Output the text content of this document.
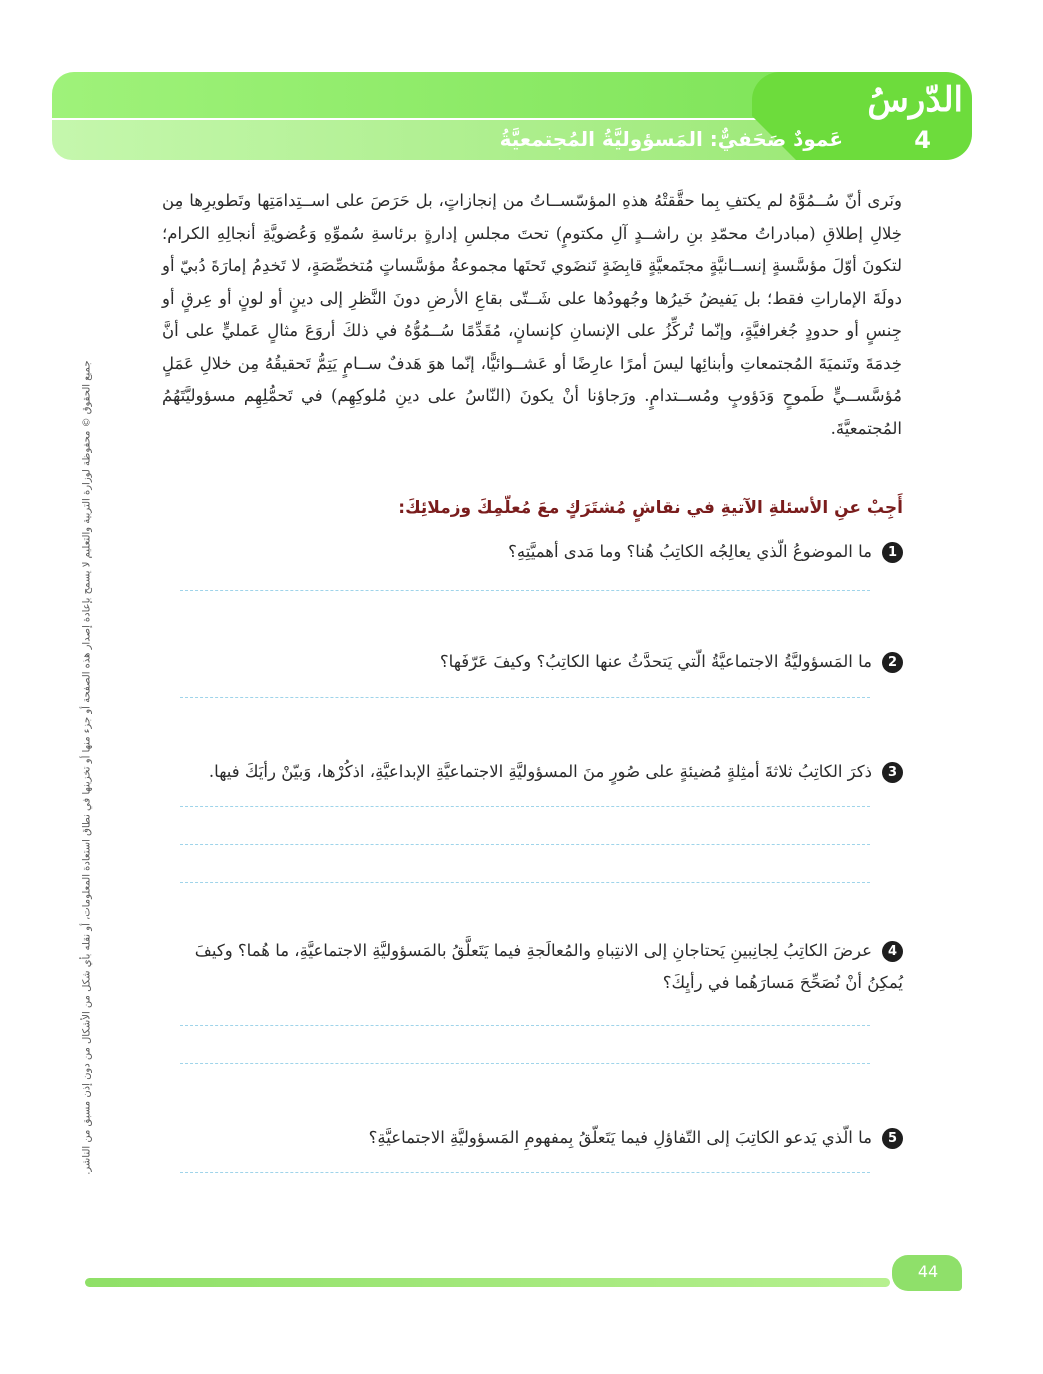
الدّرسُ
4
عَمودٌ صَحَفيٌّ: المَسؤوليَّةُ المُجتمعيَّةُ
جميع الحقوق © محفوظة لوزارة التربية والتعليم لا يسمح بإعادة إصدار هذه الصفحة أو جزء منها أو تخزينها في نطاق استعادة المعلومات، أو نقله بأي شكل من الأشكال من دون إذن مسبق من الناشر.
ونَرى أنّ سُــمُوَّهُ لم يكتفِ بِما حقَّقتْهُ هذهِ المؤسّســاتُ من إنجازاتٍ، بل حَرَصَ على اســتِدامَتِها وتَطويرِها مِن خِلالِ إطلاقِ (مبادراتُ محمّدِ بنِ راشــدٍ آلِ مكتومٍ) تحتَ مجلسِ إدارةٍ برئاسةِ سُموِّهِ وَعُضويَّةِ أنجالِهِ الكرام؛ لتكونَ أوّلَ مؤسَّسةٍ إنســانيَّةٍ مجتَمعيَّةٍ قابِضَةٍ تَنضَوي تَحتَها مجموعةُ مؤسَّساتٍ مُتخصِّصَةٍ، لا تَخدِمُ إمارَةَ دُبيّ أو دولَةَ الإماراتِ فقط؛ بل يَفيضُ خَيرُها وجُهودُها على شَــتّى بقاعِ الأرضِ دونَ النَّظرِ إلى دينٍ أو لونٍ أو عِرقٍ أو جِنسٍ أو حدودٍ جُغرافيَّةٍ، وإنّما تُركِّزُ على الإنسانِ كإنسانٍ، مُقَدِّمًا سُــمُوُّهُ في ذلكَ أروَعَ مثالٍ عَمليٍّ على أنَّ خِدمَةَ وتَنميَةَ المُجتمعاتِ وأبنائِها ليسَ أمرًا عارِضًا أو عَشــوائيًّا، إنّما هوَ هَدفٌ ســامٍ يَتِمُّ تَحقيقُهُ مِن خلالِ عَمَلٍ مُؤسَّســيٍّ طَموحٍ وَدَؤوبٍ ومُســتدامٍ. ورَجاؤنا أنْ يكونَ (النّاسُ على دينِ مُلوكِهِم) في تَحمُّلِهِم مسؤوليَّتَهُمُ المُجتمعيَّةَ.
أَجِبْ عنِ الأسئلةِ الآتيةِ في نقاشٍ مُشتَرَكٍ معَ مُعلّمِكَ وزملائِكَ:
1ما الموضوعُ الّذي يعالِجُه الكاتِبُ هُنا؟ وما مَدى أهميَّتِهِ؟
2ما المَسؤوليَّةُ الاجتماعيَّةُ الّتي يَتحدَّثُ عنها الكاتِبُ؟ وكيفَ عَرّفَها؟
3ذكرَ الكاتِبُ ثلاثةَ أمثِلةٍ مُضيئةٍ على صُورٍ منَ المسؤوليَّةِ الاجتماعيَّةِ الإبداعيَّةِ، اذكُرْها، وَبيّنْ رأيَكَ فيها.
4عرضَ الكاتِبُ لِجانِبينِ يَحتاجانِ إلى الانتِباهِ والمُعالَجةِ فيما يَتَعلَّقُ بالمَسؤوليَّةِ الاجتماعيَّةِ، ما هُما؟ وكيفَ يُمكِنُ أنْ نُصَحِّحَ مَسارَهُما في رأيِكَ؟
5ما الّذي يَدعو الكاتِبَ إلى التّفاؤلِ فيما يَتَعلّقُ بِمفهومِ المَسؤوليَّةِ الاجتماعيَّةِ؟
44
